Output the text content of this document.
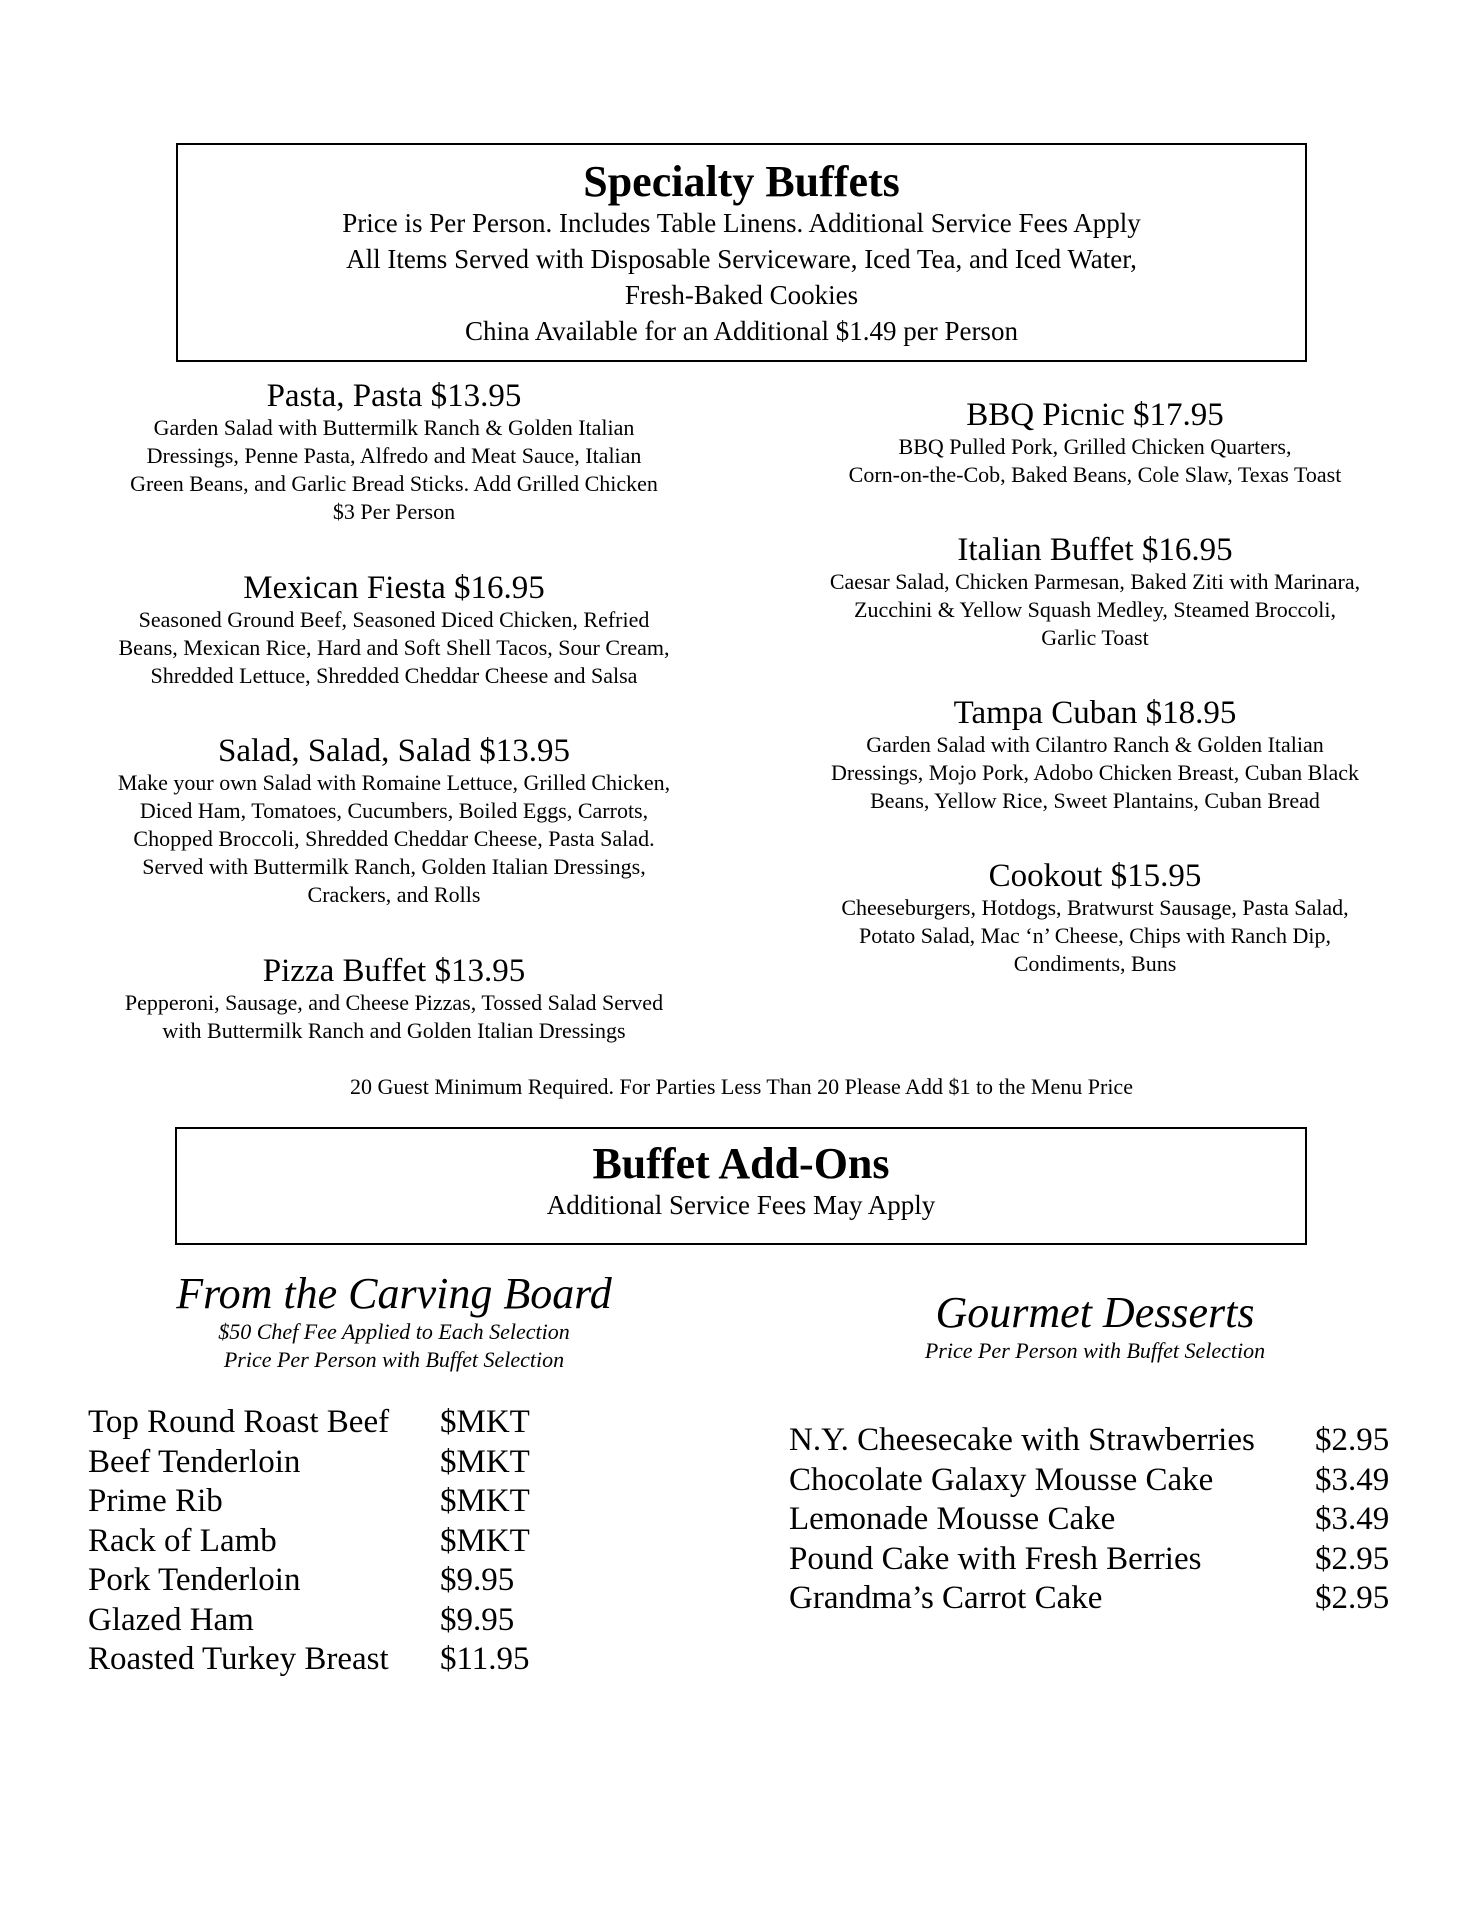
Specialty Buffets
Price is Per Person. Includes Table Linens. Additional Service Fees Apply
All Items Served with Disposable Serviceware, Iced Tea, and Iced Water,
Fresh-Baked Cookies
China Available for an Additional $1.49 per Person
Pasta, Pasta $13.95
Garden Salad with Buttermilk Ranch & Golden Italian
Dressings, Penne Pasta, Alfredo and Meat Sauce, Italian
Green Beans, and Garlic Bread Sticks. Add Grilled Chicken
$3 Per Person
Mexican Fiesta $16.95
Seasoned Ground Beef, Seasoned Diced Chicken, Refried
Beans, Mexican Rice, Hard and Soft Shell Tacos, Sour Cream,
Shredded Lettuce, Shredded Cheddar Cheese and Salsa
Salad, Salad, Salad $13.95
Make your own Salad with Romaine Lettuce, Grilled Chicken,
Diced Ham, Tomatoes, Cucumbers, Boiled Eggs, Carrots,
Chopped Broccoli, Shredded Cheddar Cheese, Pasta Salad.
Served with Buttermilk Ranch, Golden Italian Dressings,
Crackers, and Rolls
Pizza Buffet $13.95
Pepperoni, Sausage, and Cheese Pizzas, Tossed Salad Served
with Buttermilk Ranch and Golden Italian Dressings
BBQ Picnic $17.95
BBQ Pulled Pork, Grilled Chicken Quarters,
Corn-on-the-Cob, Baked Beans, Cole Slaw, Texas Toast
Italian Buffet $16.95
Caesar Salad, Chicken Parmesan, Baked Ziti with Marinara,
Zucchini & Yellow Squash Medley, Steamed Broccoli,
Garlic Toast
Tampa Cuban $18.95
Garden Salad with Cilantro Ranch & Golden Italian
Dressings, Mojo Pork, Adobo Chicken Breast, Cuban Black
Beans, Yellow Rice, Sweet Plantains, Cuban Bread
Cookout $15.95
Cheeseburgers, Hotdogs, Bratwurst Sausage, Pasta Salad,
Potato Salad, Mac ‘n’ Cheese, Chips with Ranch Dip,
Condiments, Buns
20 Guest Minimum Required. For Parties Less Than 20 Please Add $1 to the Menu Price
Buffet Add-Ons
Additional Service Fees May Apply
From the Carving Board
$50 Chef Fee Applied to Each Selection
Price Per Person with Buffet Selection
Top Round Roast Beef	$MKT
Beef Tenderloin	$MKT
Prime Rib	$MKT
Rack of Lamb	$MKT
Pork Tenderloin	$9.95
Glazed Ham	$9.95
Roasted Turkey Breast	$11.95
Gourmet Desserts
Price Per Person with Buffet Selection
N.Y. Cheesecake with Strawberries	$2.95
Chocolate Galaxy Mousse Cake	$3.49
Lemonade Mousse Cake	$3.49
Pound Cake with Fresh Berries	$2.95
Grandma’s Carrot Cake	$2.95
